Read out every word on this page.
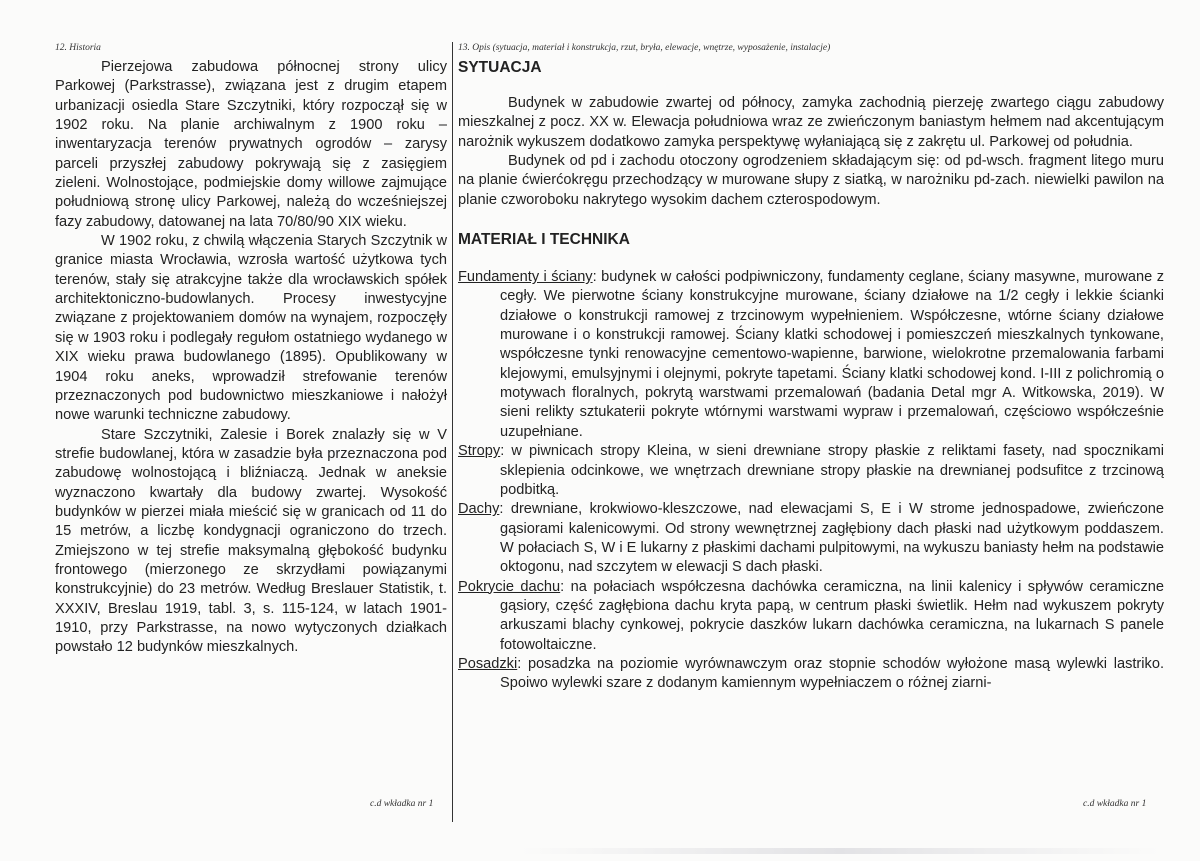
12. Historia

Pierzejowa zabudowa północnej strony ulicy Parkowej (Parkstrasse), związana jest z drugim etapem urbanizacji osiedla Stare Szczytniki, który rozpoczął się w 1902 roku. Na planie archiwalnym z 1900 roku – inwentaryzacja terenów prywatnych ogrodów – zarysy parceli przyszłej zabudowy pokrywają się z zasięgiem zieleni. Wolnostojące, podmiejskie domy willowe zajmujące południową stronę ulicy Parkowej, należą do wcześniejszej fazy zabudowy, datowanej na lata 70/80/90 XIX wieku.

W 1902 roku, z chwilą włączenia Starych Szczytnik w granice miasta Wrocławia, wzrosła wartość użytkowa tych terenów, stały się atrakcyjne także dla wrocławskich spółek architektoniczno-budowlanych. Procesy inwestycyjne związane z projektowaniem domów na wynajem, rozpoczęły się w 1903 roku i podlegały regułom ostatniego wydanego w XIX wieku prawa budowlanego (1895). Opublikowany w 1904 roku aneks, wprowadził strefowanie terenów przeznaczonych pod budownictwo mieszkaniowe i nałożył nowe warunki techniczne zabudowy.

Stare Szczytniki, Zalesie i Borek znalazły się w V strefie budowlanej, która w zasadzie była przeznaczona pod zabudowę wolnostojącą i bliźniaczą. Jednak w aneksie wyznaczono kwartały dla budowy zwartej. Wysokość budynków w pierzei miała mieścić się w granicach od 11 do 15 metrów, a liczbę kondygnacji ograniczono do trzech. Zmiejszono w tej strefie maksymalną głębokość budynku frontowego (mierzonego ze skrzydłami powiązanymi konstrukcyjnie) do 23 metrów. Według Breslauer Statistik, t. XXXIV, Breslau 1919, tabl. 3, s. 115-124, w latach 1901-1910, przy Parkstrasse, na nowo wytyczonych działkach powstało 12 budynków mieszkalnych.

13. Opis (sytuacja, materiał i konstrukcja, rzut, bryła, elewacje, wnętrze, wyposażenie, instalacje)

SYTUACJA

Budynek w zabudowie zwartej od północy, zamyka zachodnią pierzeję zwartego ciągu zabudowy mieszkalnej z pocz. XX w. Elewacja południowa wraz ze zwieńczonym baniastym hełmem nad akcentującym narożnik wykuszem dodatkowo zamyka perspektywę wyłaniającą się z zakrętu ul. Parkowej od południa.

Budynek od pd i zachodu otoczony ogrodzeniem składającym się: od pd-wsch. fragment litego muru na planie ćwierćokręgu przechodzący w murowane słupy z siatką, w narożniku pd-zach. niewielki pawilon na planie czworoboku nakrytego wysokim dachem czterospodowym.

MATERIAŁ I TECHNIKA

Fundamenty i ściany: budynek w całości podpiwniczony, fundamenty ceglane, ściany masywne, murowane z cegły. We pierwotne ściany konstrukcyjne murowane, ściany działowe na 1/2 cegły i lekkie ścianki działowe o konstrukcji ramowej z trzcinowym wypełnieniem. Współczesne, wtórne ściany działowe murowane i o konstrukcji ramowej. Ściany klatki schodowej i pomieszczeń mieszkalnych tynkowane, współczesne tynki renowacyjne cementowo-wapienne, barwione, wielokrotne przemalowania farbami klejowymi, emulsyjnymi i olejnymi, pokryte tapetami. Ściany klatki schodowej kond. I-III z polichromią o motywach floralnych, pokrytą warstwami przemalowań (badania Detal mgr A. Witkowska, 2019). W sieni relikty sztukaterii pokryte wtórnymi warstwami wypraw i przemalowań, częściowo współcześnie uzupełniane.

Stropy: w piwnicach stropy Kleina, w sieni drewniane stropy płaskie z reliktami fasety, nad spocznikami sklepienia odcinkowe, we wnętrzach drewniane stropy płaskie na drewnianej podsufitce z trzcinową podbitką.

Dachy: drewniane, krokwiowo-kleszczowe, nad elewacjami S, E i W strome jednospadowe, zwieńczone gąsiorami kalenicowymi. Od strony wewnętrznej zagłębiony dach płaski nad użytkowym poddaszem. W połaciach S, W i E lukarny z płaskimi dachami pulpitowymi, na wykuszu baniasty hełm na podstawie oktogonu, nad szczytem w elewacji S dach płaski.

Pokrycie dachu: na połaciach współczesna dachówka ceramiczna, na linii kalenicy i spływów ceramiczne gąsiory, część zagłębiona dachu kryta papą, w centrum płaski świetlik. Hełm nad wykuszem pokryty arkuszami blachy cynkowej, pokrycie daszków lukarn dachówka ceramiczna, na lukarnach S panele fotowoltaiczne.

Posadzki: posadzka na poziomie wyrównawczym oraz stopnie schodów wyłożone masą wylewki lastriko. Spoiwo wylewki szare z dodanym kamiennym wypełniaczem o różnej ziarni-

c.d wkładka nr 1	c.d wkładka nr 1
